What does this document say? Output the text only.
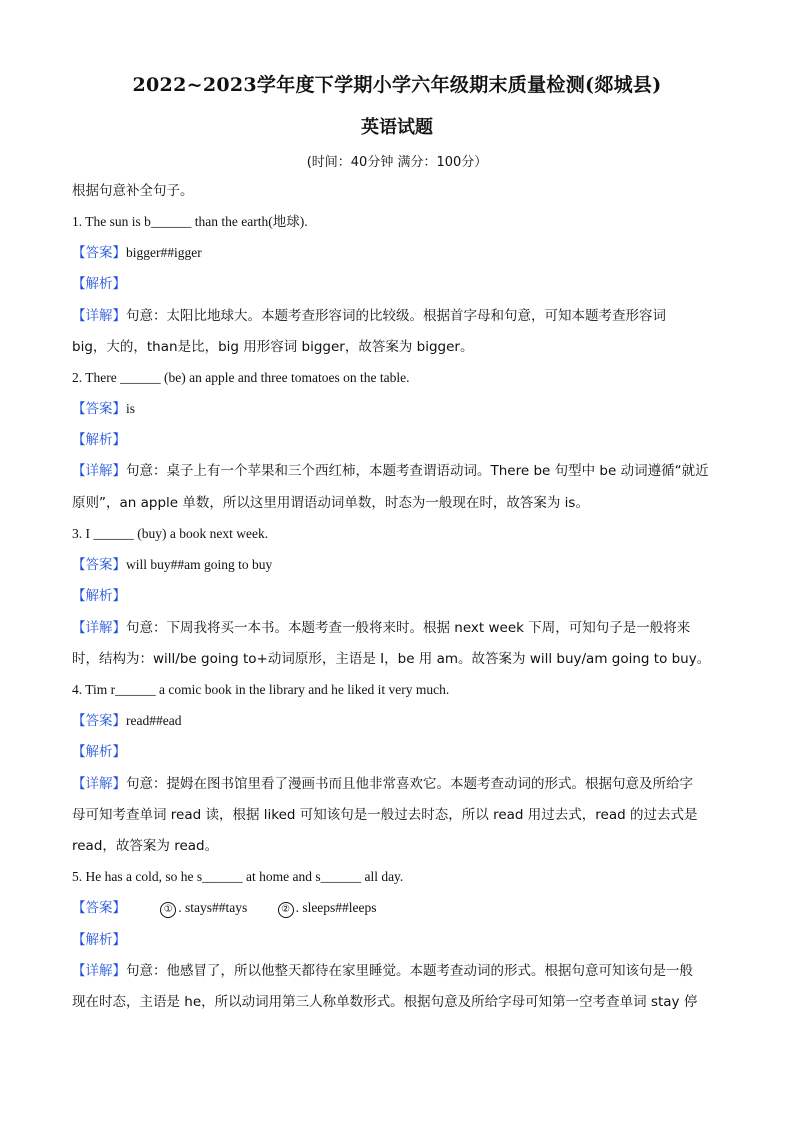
2022~2023学年度下学期小学六年级期末质量检测(郯城县)
英语试题
(时间：40分钟 满分：100分）
根据句意补全句子。
1. The sun is b______ than the earth(地球).
【答案】bigger##igger
【解析】
【详解】句意：太阳比地球大。本题考查形容词的比较级。根据首字母和句意，可知本题考查形容词
big，大的，than是比，big 用形容词 bigger，故答案为 bigger。
2. There ______ (be) an apple and three tomatoes on the table.
【答案】is
【解析】
【详解】句意：桌子上有一个苹果和三个西红柿，本题考查谓语动词。There be 句型中 be 动词遵循“就近
原则”，an apple 单数，所以这里用谓语动词单数，时态为一般现在时，故答案为 is。
3. I ______ (buy) a book next week.
【答案】will buy##am going to buy
【解析】
【详解】句意：下周我将买一本书。本题考查一般将来时。根据 next week 下周，可知句子是一般将来
时，结构为：will/be going to+动词原形，主语是 I，be 用 am。故答案为 will buy/am going to buy。
4. Tim r______ a comic book in the library and he liked it very much.
【答案】read##ead
【解析】
【详解】句意：提姆在图书馆里看了漫画书而且他非常喜欢它。本题考查动词的形式。根据句意及所给字
母可知考查单词 read 读，根据 liked 可知该句是一般过去时态，所以 read 用过去式，read 的过去式是
read，故答案为 read。
5. He has a cold, so he s______ at home and s______ all day.
【答案】	① . stays##tays	② . sleeps##leeps
【解析】
【详解】句意：他感冒了，所以他整天都待在家里睡觉。本题考查动词的形式。根据句意可知该句是一般
现在时态，主语是 he，所以动词用第三人称单数形式。根据句意及所给字母可知第一空考查单词 stay 停
